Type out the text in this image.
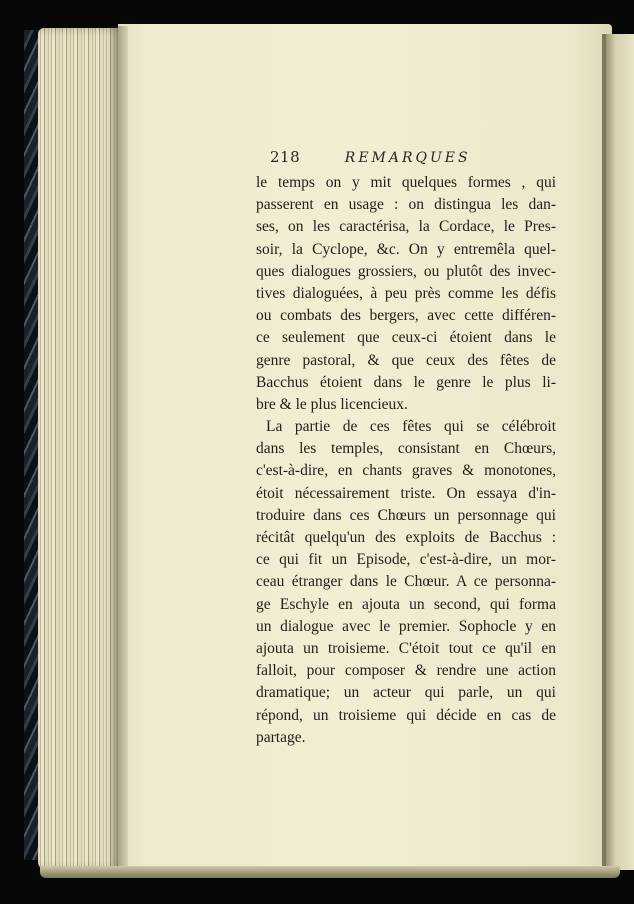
218	REMARQUES
le temps on y mit quelques formes , qui
passerent en usage : on distingua les dan-
ses, on les caractérisa, la Cordace, le Pres-
soir, la Cyclope, &c. On y entremêla quel-
ques dialogues grossiers, ou plutôt des invec-
tives dialoguées, à peu près comme les défis
ou combats des bergers, avec cette différen-
ce seulement que ceux-ci étoient dans le
genre pastoral, & que ceux des fêtes de
Bacchus étoient dans le genre le plus li-
bre & le plus licencieux.
La partie de ces fêtes qui se célébroit
dans les temples, consistant en Chœurs,
c'est-à-dire, en chants graves & monotones,
étoit nécessairement triste. On essaya d'in-
troduire dans ces Chœurs un personnage qui
récitât quelqu'un des exploits de Bacchus :
ce qui fit un Episode, c'est-à-dire, un mor-
ceau étranger dans le Chœur. A ce personna-
ge Eschyle en ajouta un second, qui forma
un dialogue avec le premier. Sophocle y en
ajouta un troisieme. C'étoit tout ce qu'il en
falloit, pour composer & rendre une action
dramatique; un acteur qui parle, un qui
répond, un troisieme qui décide en cas de
partage.
